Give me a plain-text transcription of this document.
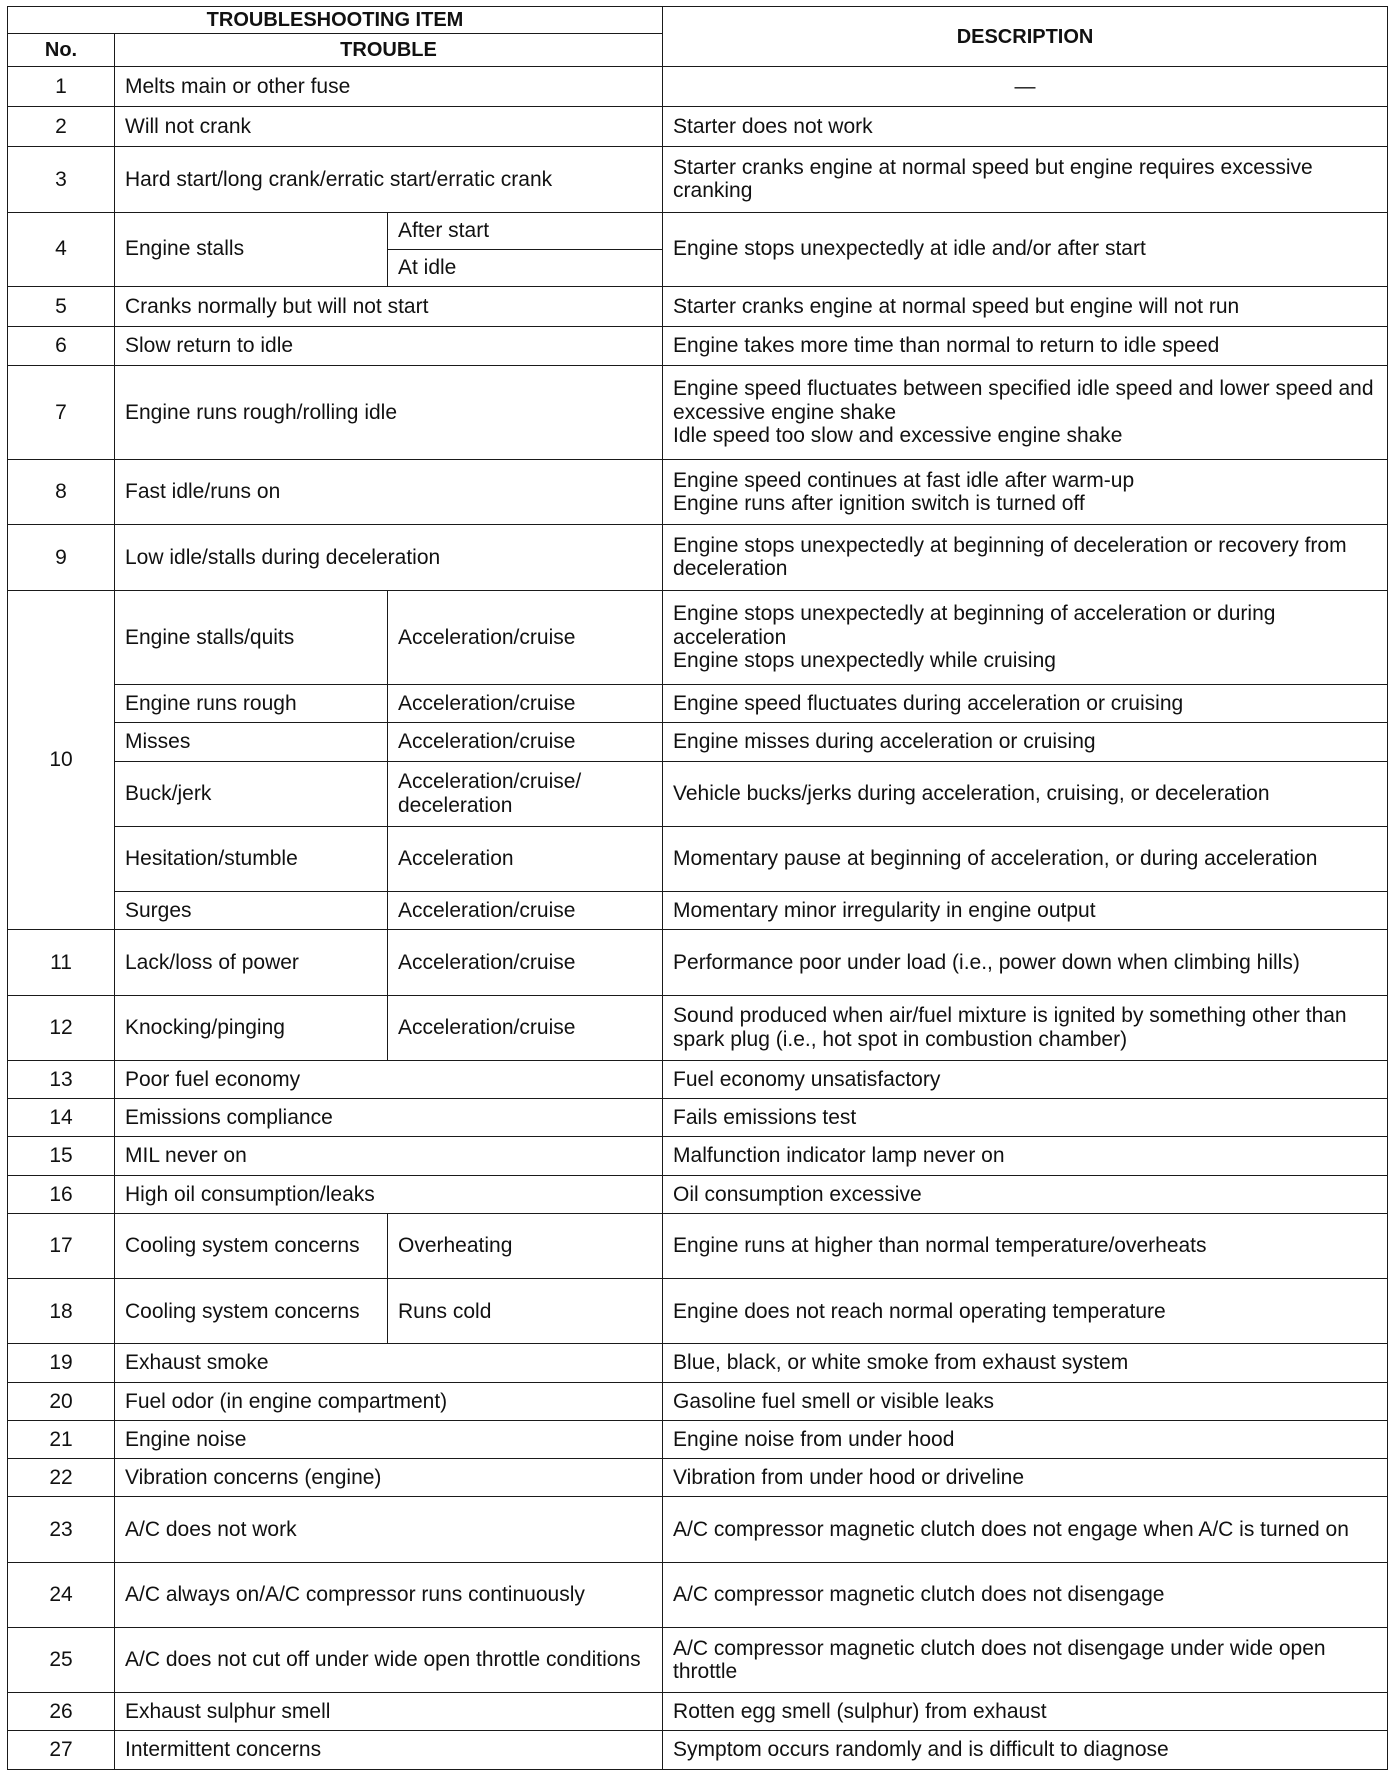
TROUBLESHOOTING ITEM			DESCRIPTION
No.	TROUBLE		
1	Melts main or other fuse		—
2	Will not crank		Starter does not work
3	Hard start/long crank/erratic start/erratic crank		Starter cranks engine at normal speed but engine requires excessive cranking
4	Engine stalls	After start	Engine stops unexpectedly at idle and/or after start
		At idle	
5	Cranks normally but will not start		Starter cranks engine at normal speed but engine will not run
6	Slow return to idle		Engine takes more time than normal to return to idle speed
7	Engine runs rough/rolling idle		Engine speed fluctuates between specified idle speed and lower speed and excessive engine shake
Idle speed too slow and excessive engine shake
8	Fast idle/runs on		Engine speed continues at fast idle after warm-up
Engine runs after ignition switch is turned off
9	Low idle/stalls during deceleration		Engine stops unexpectedly at beginning of deceleration or recovery from deceleration
10	Engine stalls/quits	Acceleration/cruise	Engine stops unexpectedly at beginning of acceleration or during acceleration
Engine stops unexpectedly while cruising
	Engine runs rough	Acceleration/cruise	Engine speed fluctuates during acceleration or cruising
	Misses	Acceleration/cruise	Engine misses during acceleration or cruising
	Buck/jerk	Acceleration/cruise/
deceleration	Vehicle bucks/jerks during acceleration, cruising, or deceleration
	Hesitation/stumble	Acceleration	Momentary pause at beginning of acceleration, or during acceleration
	Surges	Acceleration/cruise	Momentary minor irregularity in engine output
11	Lack/loss of power	Acceleration/cruise	Performance poor under load (i.e., power down when climbing hills)
12	Knocking/pinging	Acceleration/cruise	Sound produced when air/fuel mixture is ignited by something other than spark plug (i.e., hot spot in combustion chamber)
13	Poor fuel economy		Fuel economy unsatisfactory
14	Emissions compliance		Fails emissions test
15	MIL never on		Malfunction indicator lamp never on
16	High oil consumption/leaks		Oil consumption excessive
17	Cooling system concerns	Overheating	Engine runs at higher than normal temperature/overheats
18	Cooling system concerns	Runs cold	Engine does not reach normal operating temperature
19	Exhaust smoke		Blue, black, or white smoke from exhaust system
20	Fuel odor (in engine compartment)		Gasoline fuel smell or visible leaks
21	Engine noise		Engine noise from under hood
22	Vibration concerns (engine)		Vibration from under hood or driveline
23	A/C does not work		A/C compressor magnetic clutch does not engage when A/C is turned on
24	A/C always on/A/C compressor runs continuously		A/C compressor magnetic clutch does not disengage
25	A/C does not cut off under wide open throttle conditions		A/C compressor magnetic clutch does not disengage under wide open throttle
26	Exhaust sulphur smell		Rotten egg smell (sulphur) from exhaust
27	Intermittent concerns		Symptom occurs randomly and is difficult to diagnose
